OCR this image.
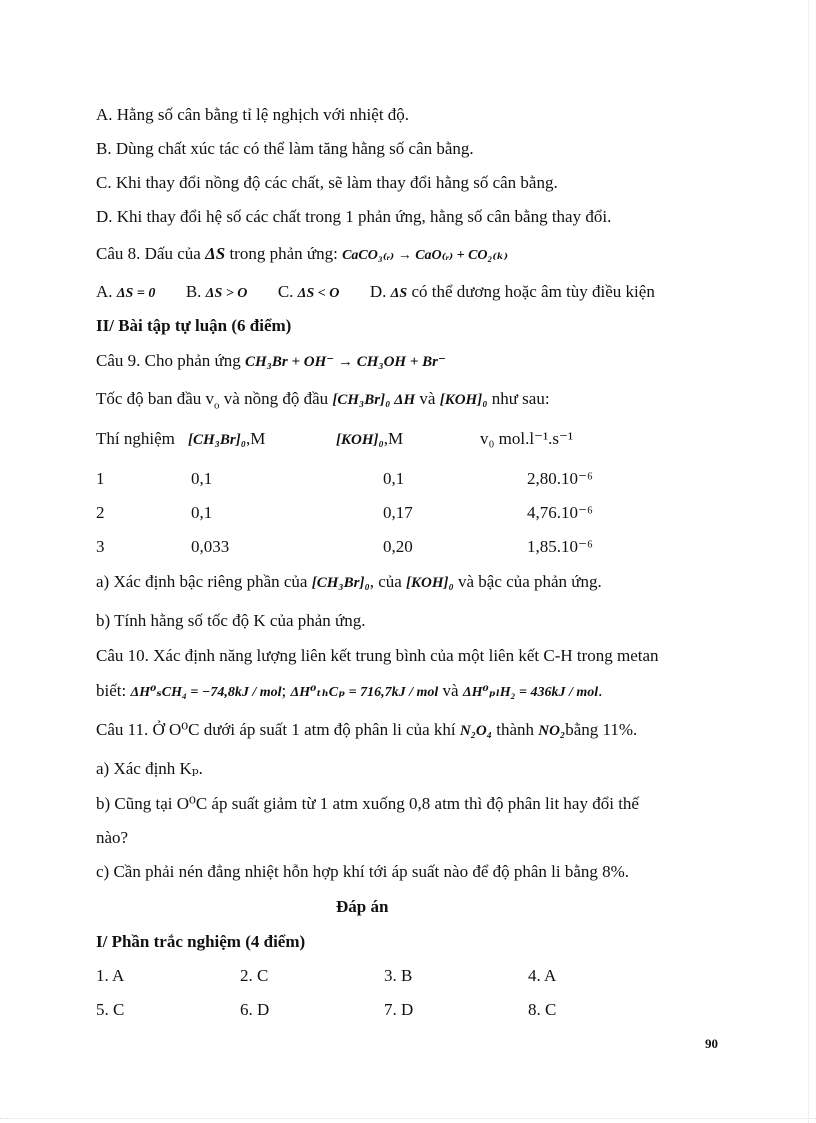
A. Hằng số cân bằng tỉ lệ nghịch với nhiệt độ.
B. Dùng chất xúc tác có thể làm tăng hằng số cân bằng.
C. Khi thay đổi nồng độ các chất, sẽ làm thay đổi hằng số cân bằng.
D. Khi thay đổi hệ số các chất trong 1 phản ứng, hằng số cân bằng thay đổi.
Câu 8. Dấu của ΔS trong phản ứng: CaCO₃₍ᵣ₎ → CaO₍ᵣ₎ + CO₂₍ₖ₎
A. ΔS = 0 B. ΔS > O C. ΔS < O D. ΔS có thể dương hoặc âm tùy điều kiện
II/ Bài tập tự luận (6 điểm)
Câu 9. Cho phản ứng CH₃Br + OH⁻ → CH₃OH + Br⁻
Tốc độ ban đầu $v_o$ và nồng độ đầu [CH₃Br]₀ ΔH và [KOH]₀ như sau:
Thí nghiệm [CH₃Br]₀,M	[KOH]₀,M	v₀ mol.l⁻¹.s⁻¹
1	0,1	0,1	2,80.10⁻⁶
2	0,1	0,17	4,76.10⁻⁶
3	0,033	0,20	1,85.10⁻⁶
a) Xác định bậc riêng phần của [CH₃Br]₀, của [KOH]₀ và bậc của phản ứng.
b) Tính hằng số tốc độ K của phản ứng.
Câu 10. Xác định năng lượng liên kết trung bình của một liên kết C-H trong metan
biết: ΔH⁰ₛCH₄ = −74,8kJ / mol; ΔH⁰ₜₕCₚ = 716,7kJ / mol và ΔH⁰ₚₗH₂ = 436kJ / mol.
Câu 11. Ở O⁰C dưới áp suất 1 atm độ phân li của khí N₂O₄ thành NO₂bằng 11%.
a) Xác định Kₚ.
b) Cũng tại O⁰C áp suất giảm từ 1 atm xuống 0,8 atm thì độ phân lit hay đổi thế
nào?
c) Cần phải nén đẳng nhiệt hỗn hợp khí tới áp suất nào để độ phân li bằng 8%.
Đáp án
I/ Phần trắc nghiệm (4 điểm)
1. A	2. C	3. B	4. A
5. C	6. D	7. D	8. C
90
